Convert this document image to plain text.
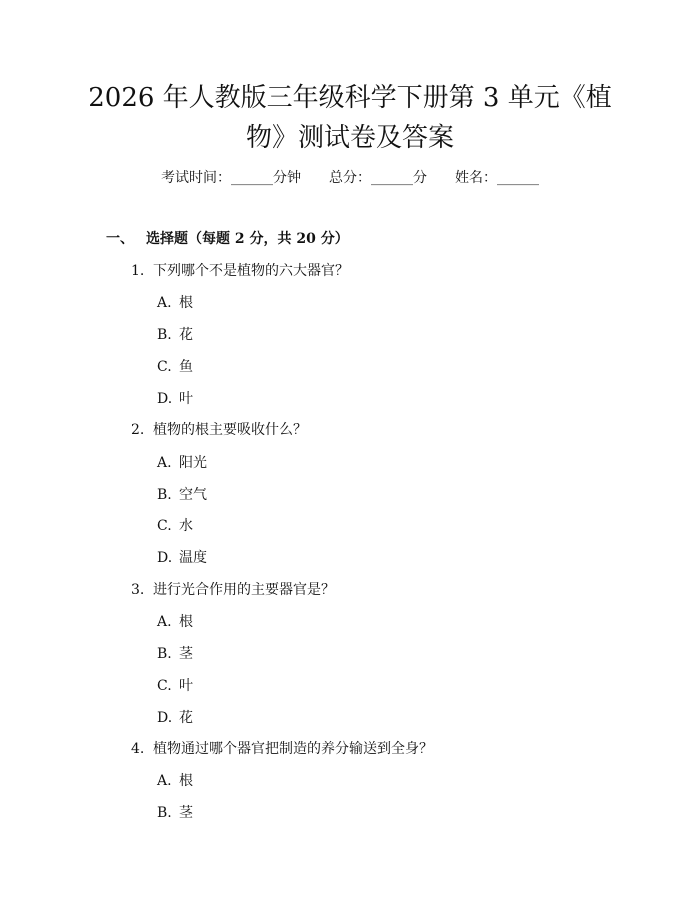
2026 年人教版三年级科学下册第 3 单元《植
物》测试卷及答案
考试时间：______分钟 总分：______分 姓名：______
一、 选择题（每题 2 分，共 20 分）
1. 下列哪个不是植物的六大器官？
A. 根
B. 花
C. 鱼
D. 叶
2. 植物的根主要吸收什么？
A. 阳光
B. 空气
C. 水
D. 温度
3. 进行光合作用的主要器官是？
A. 根
B. 茎
C. 叶
D. 花
4. 植物通过哪个器官把制造的养分输送到全身？
A. 根
B. 茎
